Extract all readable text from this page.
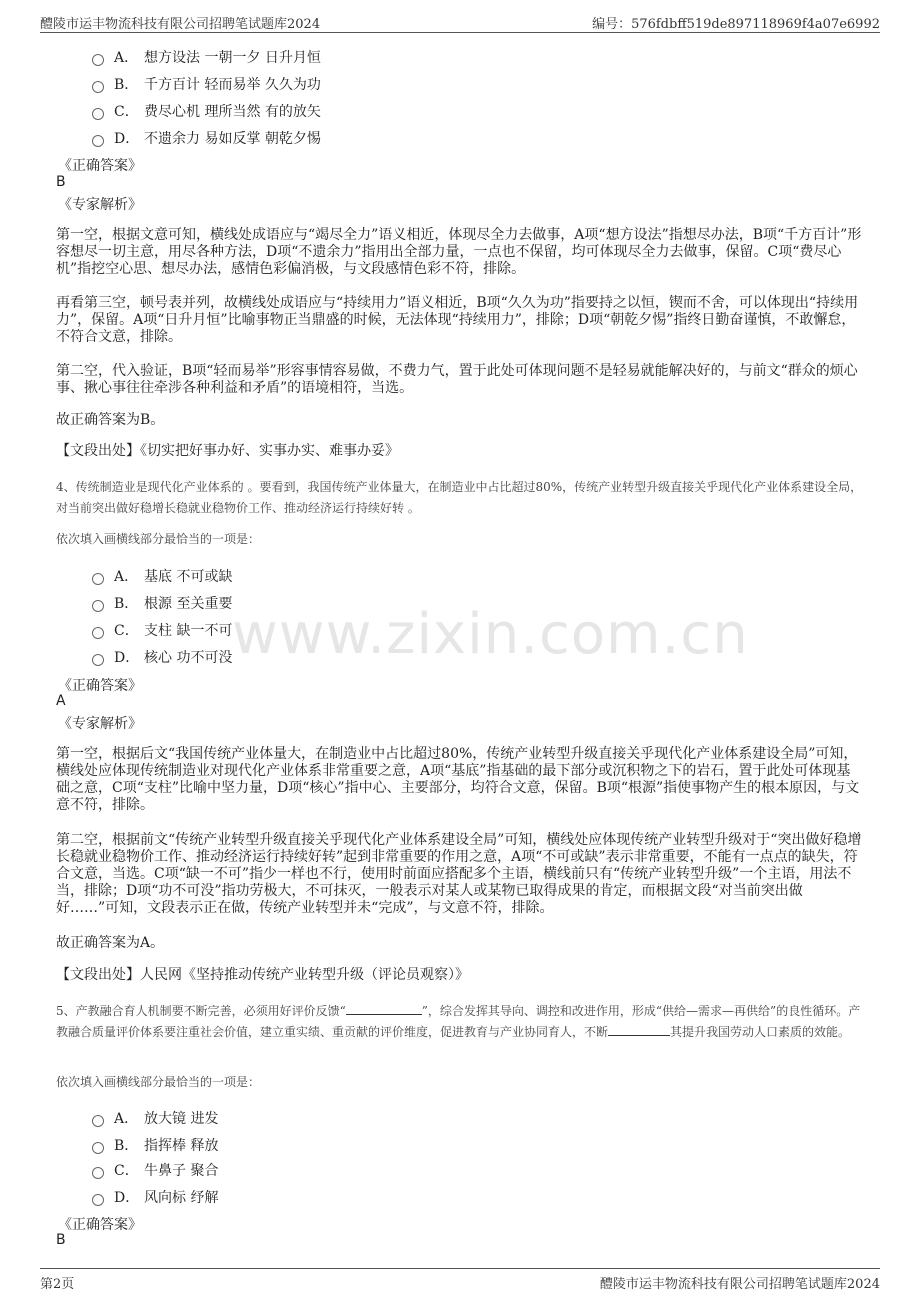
醴陵市运丰物流科技有限公司招聘笔试题库2024	编号：576fdbff519de897118969f4a07e6992
www.zixin.com.cn
A． 想方设法 一朝一夕 日升月恒
B． 千方百计 轻而易举 久久为功
C． 费尽心机 理所当然 有的放矢
D． 不遗余力 易如反掌 朝乾夕惕
《正确答案》
B
《专家解析》
第一空，根据文意可知，横线处成语应与“竭尽全力”语义相近，体现尽全力去做事，A项“想方设法”指想尽办法，B项“千方百计”形容想尽一切主意，用尽各种方法，D项“不遗余力”指用出全部力量，一点也不保留，均可体现尽全力去做事，保留。C项“费尽心机”指挖空心思、想尽办法，感情色彩偏消极，与文段感情色彩不符，排除。
再看第三空，顿号表并列，故横线处成语应与“持续用力”语义相近，B项“久久为功”指要持之以恒，锲而不舍，可以体现出“持续用力”，保留。A项“日升月恒”比喻事物正当鼎盛的时候，无法体现“持续用力”，排除；D项“朝乾夕惕”指终日勤奋谨慎，不敢懈怠，不符合文意，排除。
第二空，代入验证，B项“轻而易举”形容事情容易做，不费力气，置于此处可体现问题不是轻易就能解决好的，与前文“群众的烦心事、揪心事往往牵涉各种利益和矛盾”的语境相符，当选。
故正确答案为B。
【文段出处】《切实把好事办好、实事办实、难事办妥》
4、传统制造业是现代化产业体系的 。要看到，我国传统产业体量大，在制造业中占比超过80%，传统产业转型升级直接关乎现代化产业体系建设全局，对当前突出做好稳增长稳就业稳物价工作、推动经济运行持续好转 。
依次填入画横线部分最恰当的一项是：
A． 基底 不可或缺
B． 根源 至关重要
C． 支柱 缺一不可
D． 核心 功不可没
《正确答案》
A
《专家解析》
第一空，根据后文“我国传统产业体量大，在制造业中占比超过80%，传统产业转型升级直接关乎现代化产业体系建设全局”可知，横线处应体现传统制造业对现代化产业体系非常重要之意，A项“基底”指基础的最下部分或沉积物之下的岩石，置于此处可体现基础之意，C项“支柱”比喻中坚力量，D项“核心”指中心、主要部分，均符合文意，保留。B项“根源”指使事物产生的根本原因，与文意不符，排除。
第二空，根据前文“传统产业转型升级直接关乎现代化产业体系建设全局”可知，横线处应体现传统产业转型升级对于“突出做好稳增长稳就业稳物价工作、推动经济运行持续好转”起到非常重要的作用之意，A项“不可或缺”表示非常重要，不能有一点点的缺失，符合文意，当选。C项“缺一不可”指少一样也不行，使用时前面应搭配多个主语，横线前只有“传统产业转型升级”一个主语，用法不当，排除；D项“功不可没”指功劳极大，不可抹灭，一般表示对某人或某物已取得成果的肯定，而根据文段“对当前突出做好……”可知，文段表示正在做，传统产业转型并未“完成”，与文意不符，排除。
故正确答案为A。
【文段出处】人民网《坚持推动传统产业转型升级（评论员观察）》
5、产教融合育人机制要不断完善，必须用好评价反馈“	”，综合发挥其导向、调控和改进作用，形成“供给—需求—再供给”的良性循环。产教融合质量评价体系要注重社会价值，建立重实绩、重贡献的评价维度，促进教育与产业协同育人，不断	其提升我国劳动人口素质的效能。
依次填入画横线部分最恰当的一项是：
A． 放大镜 进发
B． 指挥棒 释放
C． 牛鼻子 聚合
D． 风向标 纾解
《正确答案》
B
第2页	醴陵市运丰物流科技有限公司招聘笔试题库2024
